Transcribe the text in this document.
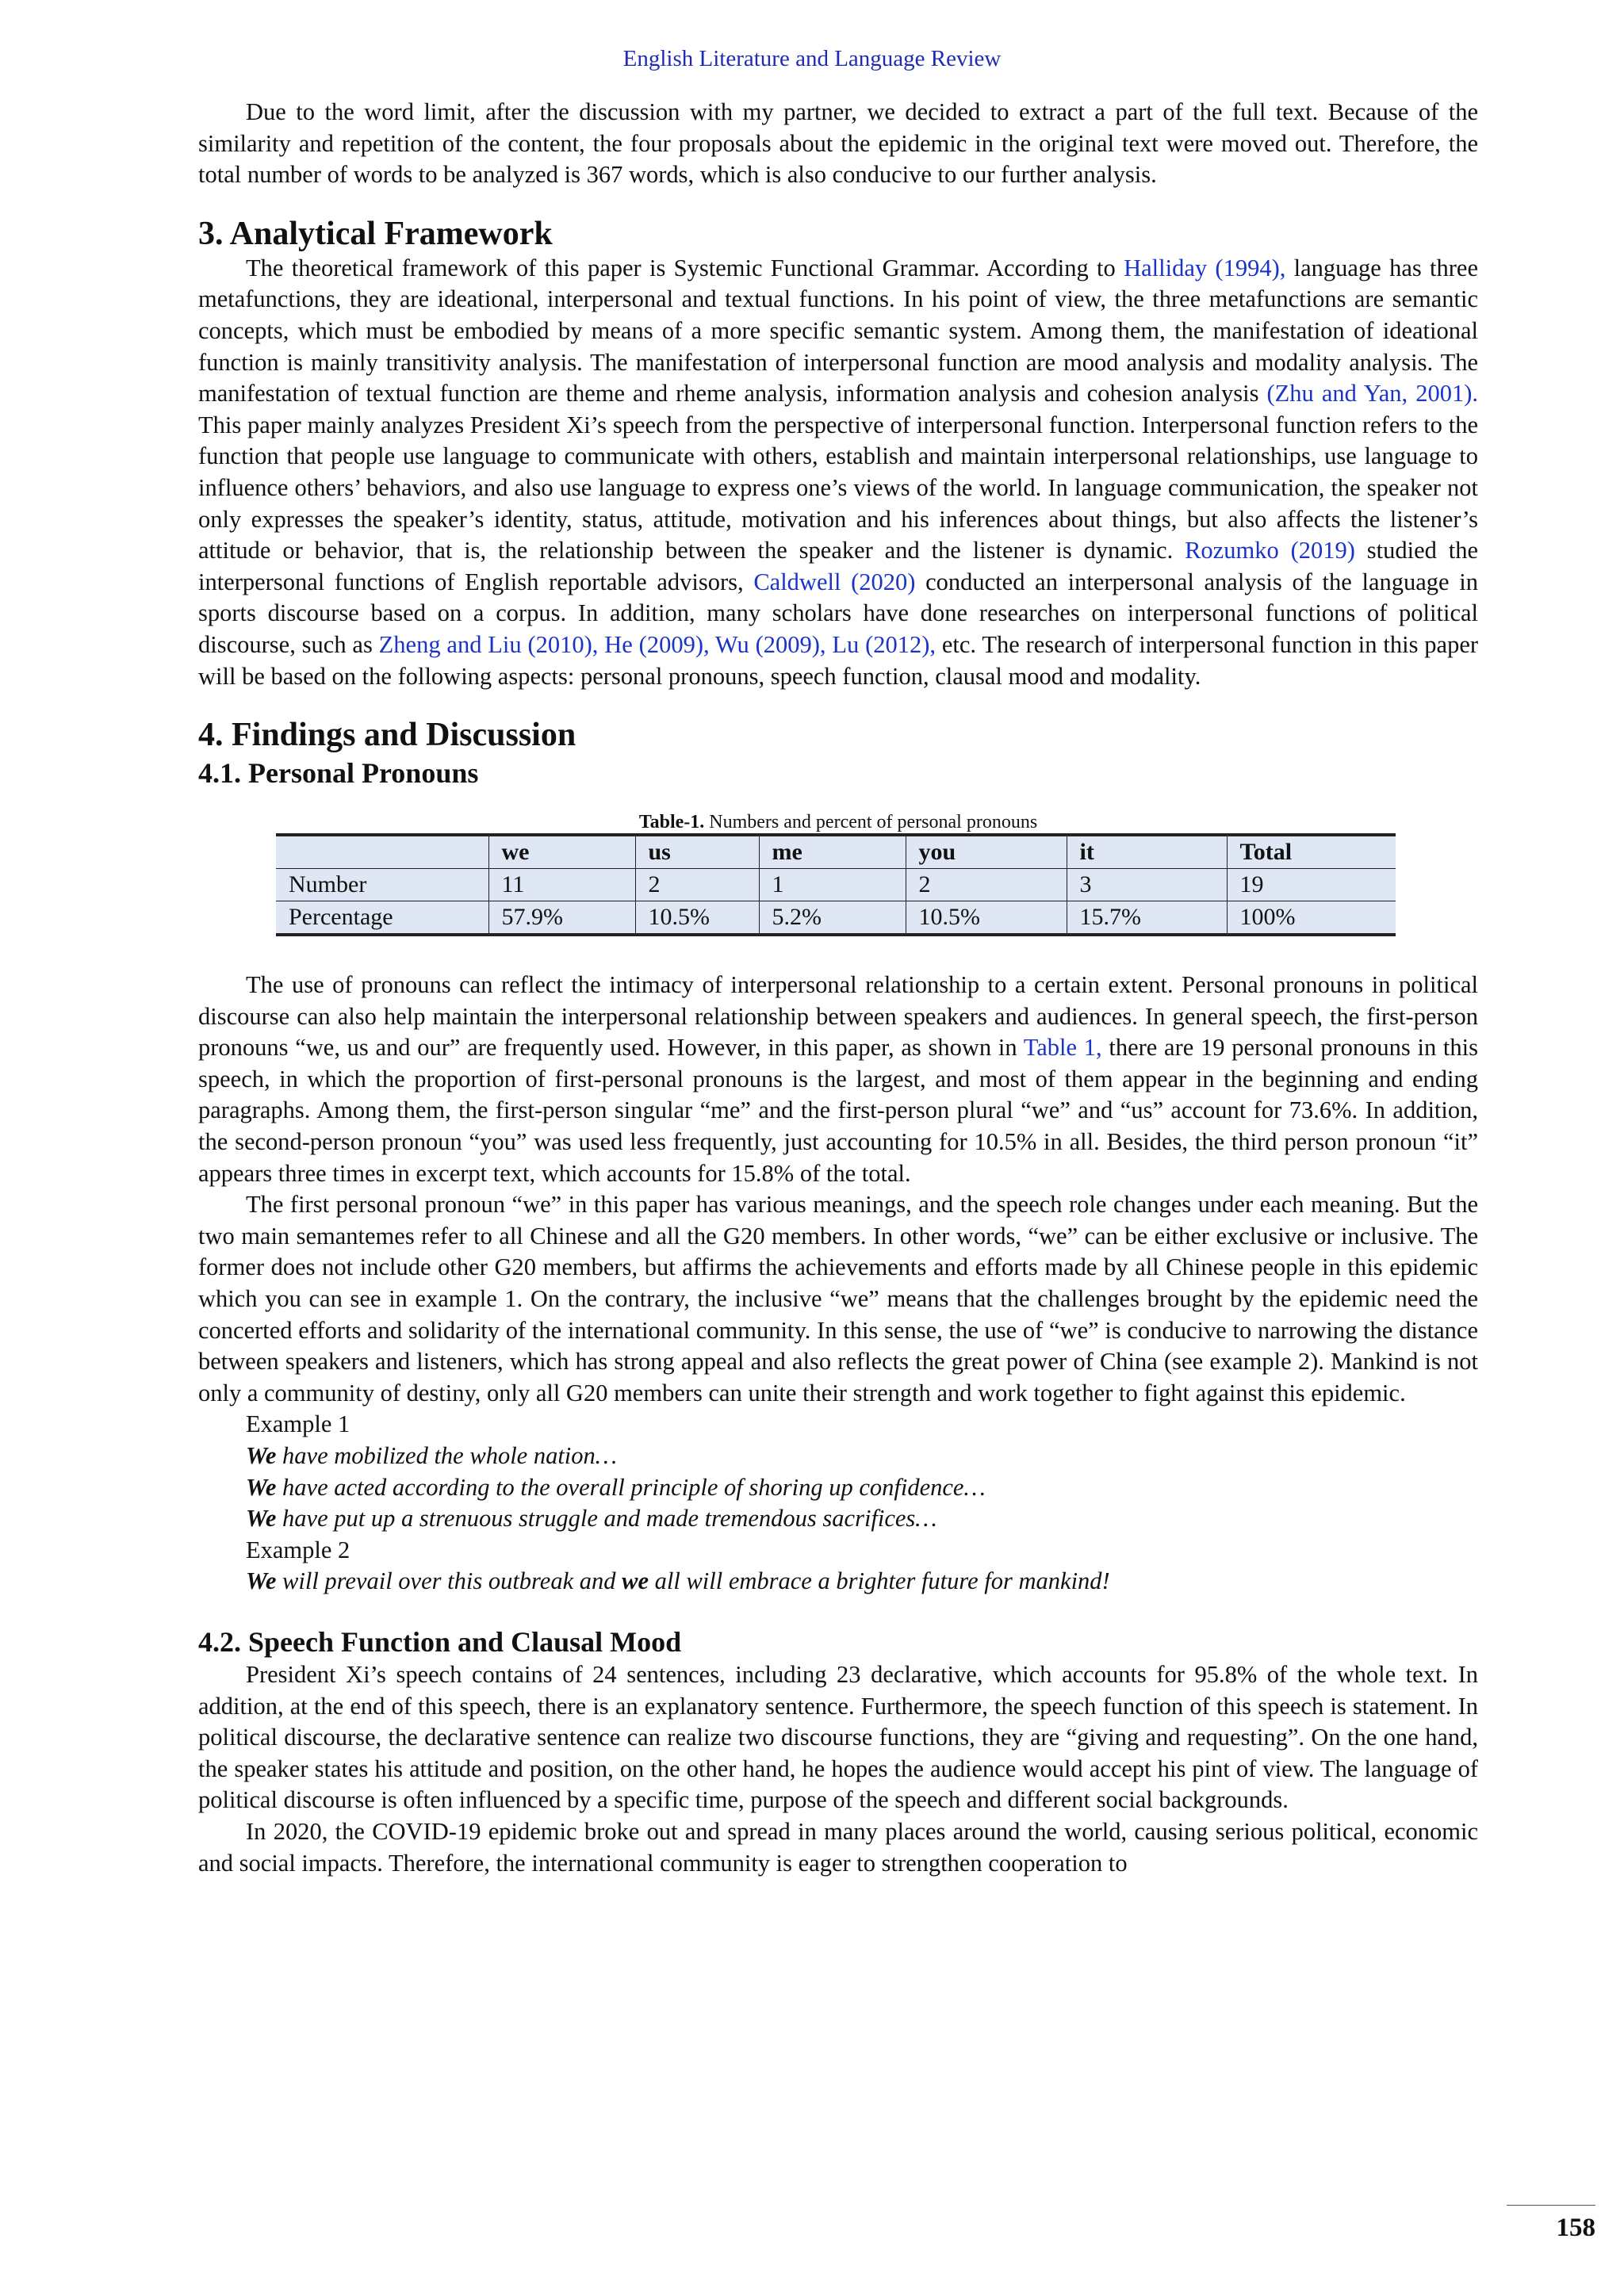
English Literature and Language Review

Due to the word limit, after the discussion with my partner, we decided to extract a part of the full text. Because of the similarity and repetition of the content, the four proposals about the epidemic in the original text were moved out. Therefore, the total number of words to be analyzed is 367 words, which is also conducive to our further analysis.

3. Analytical Framework

The theoretical framework of this paper is Systemic Functional Grammar. According to Halliday (1994), language has three metafunctions, they are ideational, interpersonal and textual functions. In his point of view, the three metafunctions are semantic concepts, which must be embodied by means of a more specific semantic system. Among them, the manifestation of ideational function is mainly transitivity analysis. The manifestation of interpersonal function are mood analysis and modality analysis. The manifestation of textual function are theme and rheme analysis, information analysis and cohesion analysis (Zhu and Yan, 2001). This paper mainly analyzes President Xi’s speech from the perspective of interpersonal function. Interpersonal function refers to the function that people use language to communicate with others, establish and maintain interpersonal relationships, use language to influence others’ behaviors, and also use language to express one’s views of the world. In language communication, the speaker not only expresses the speaker’s identity, status, attitude, motivation and his inferences about things, but also affects the listener’s attitude or behavior, that is, the relationship between the speaker and the listener is dynamic. Rozumko (2019) studied the interpersonal functions of English reportable advisors, Caldwell (2020) conducted an interpersonal analysis of the language in sports discourse based on a corpus. In addition, many scholars have done researches on interpersonal functions of political discourse, such as Zheng and Liu (2010), He (2009), Wu (2009), Lu (2012), etc. The research of interpersonal function in this paper will be based on the following aspects: personal pronouns, speech function, clausal mood and modality.

4. Findings and Discussion
4.1. Personal Pronouns

Table-1. Numbers and percent of personal pronouns

	we	us	me	you	it	Total
Number	11	2	1	2	3	19
Percentage	57.9%	10.5%	5.2%	10.5%	15.7%	100%

The use of pronouns can reflect the intimacy of interpersonal relationship to a certain extent. Personal pronouns in political discourse can also help maintain the interpersonal relationship between speakers and audiences. In general speech, the first-person pronouns “we, us and our” are frequently used. However, in this paper, as shown in Table 1, there are 19 personal pronouns in this speech, in which the proportion of first-personal pronouns is the largest, and most of them appear in the beginning and ending paragraphs. Among them, the first-person singular “me” and the first-person plural “we” and “us” account for 73.6%. In addition, the second-person pronoun “you” was used less frequently, just accounting for 10.5% in all. Besides, the third person pronoun “it” appears three times in excerpt text, which accounts for 15.8% of the total.

The first personal pronoun “we” in this paper has various meanings, and the speech role changes under each meaning. But the two main semantemes refer to all Chinese and all the G20 members. In other words, “we” can be either exclusive or inclusive. The former does not include other G20 members, but affirms the achievements and efforts made by all Chinese people in this epidemic which you can see in example 1. On the contrary, the inclusive “we” means that the challenges brought by the epidemic need the concerted efforts and solidarity of the international community. In this sense, the use of “we” is conducive to narrowing the distance between speakers and listeners, which has strong appeal and also reflects the great power of China (see example 2). Mankind is not only a community of destiny, only all G20 members can unite their strength and work together to fight against this epidemic.

Example 1

We have mobilized the whole nation…

We have acted according to the overall principle of shoring up confidence…

We have put up a strenuous struggle and made tremendous sacrifices…

Example 2

We will prevail over this outbreak and we all will embrace a brighter future for mankind!

4.2. Speech Function and Clausal Mood

President Xi’s speech contains of 24 sentences, including 23 declarative, which accounts for 95.8% of the whole text. In addition, at the end of this speech, there is an explanatory sentence. Furthermore, the speech function of this speech is statement. In political discourse, the declarative sentence can realize two discourse functions, they are “giving and requesting”. On the one hand, the speaker states his attitude and position, on the other hand, he hopes the audience would accept his pint of view. The language of political discourse is often influenced by a specific time, purpose of the speech and different social backgrounds.

In 2020, the COVID-19 epidemic broke out and spread in many places around the world, causing serious political, economic and social impacts. Therefore, the international community is eager to strengthen cooperation to

158
